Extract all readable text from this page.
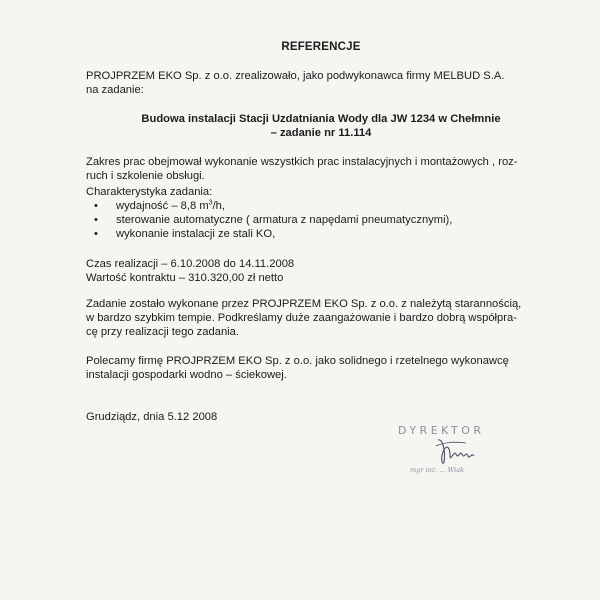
REFERENCJE
PROJPRZEM EKO Sp. z o.o. zrealizowało, jako podwykonawca firmy MELBUD S.A.
na zadanie:
Budowa instalacji Stacji Uzdatniania Wody dla JW 1234 w Chełmnie
– zadanie nr 11.114
Zakres prac obejmował wykonanie wszystkich prac instalacyjnych i montażowych , roz-
ruch i szkolenie obsługi.
Charakterystyka zadania:
• wydajność – 8,8 $m^3/h$,
• sterowanie automatyczne ( armatura z napędami pneumatycznymi),
• wykonanie instalacji ze stali KO,
Czas realizacji – 6.10.2008 do 14.11.2008
Wartość kontraktu – 310.320,00 zł netto
Zadanie zostało wykonane przez PROJPRZEM EKO Sp. z o.o. z należytą starannością,
w bardzo szybkim tempie. Podkreślamy duże zaangażowanie i bardzo dobrą współpra-
cę przy realizacji tego zadania.
Polecamy firmę PROJPRZEM EKO Sp. z o.o. jako solidnego i rzetelnego wykonawcę
instalacji gospodarki wodno – ściekowej.
Grudziądz, dnia 5.12 2008
DYREKTOR
mgr inż. ... Wiak
